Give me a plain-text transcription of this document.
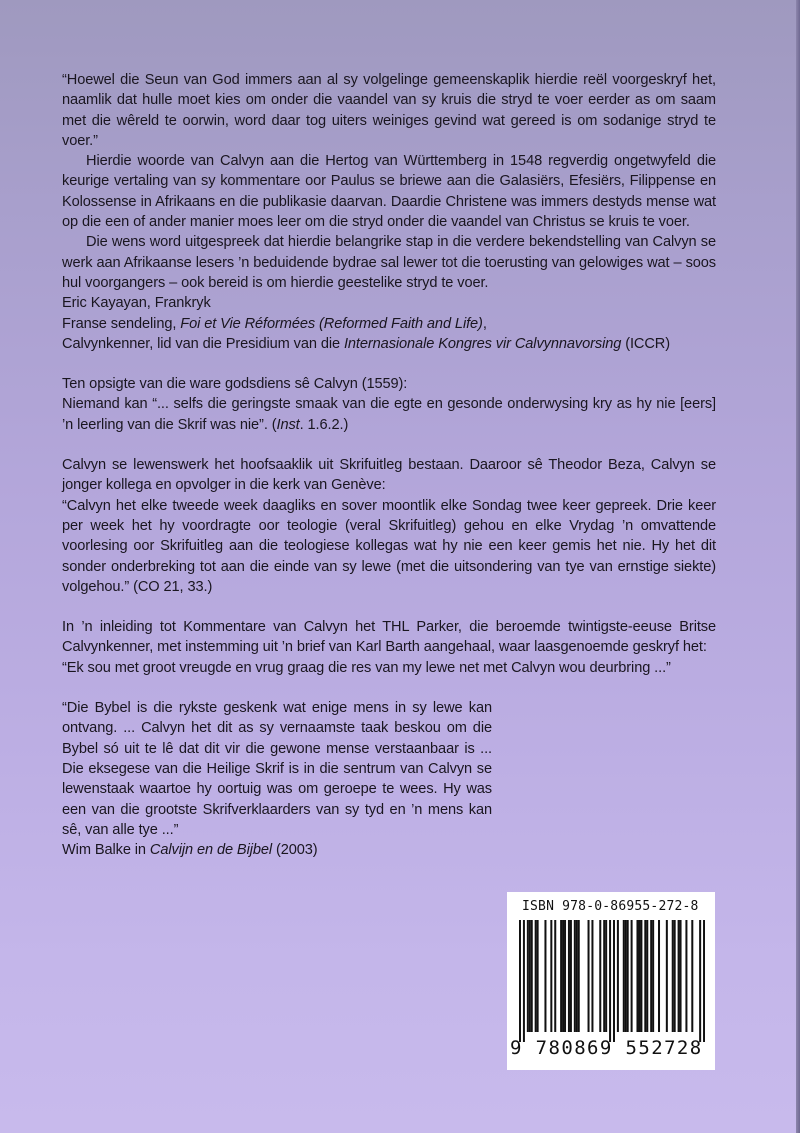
“Hoewel die Seun van God immers aan al sy volgelinge gemeenskaplik hierdie reël voorgeskryf het, naamlik dat hulle moet kies om onder die vaandel van sy kruis die stryd te voer eerder as om saam met die wêreld te oorwin, word daar tog uiters weiniges gevind wat gereed is om sodanige stryd te voer.”

Hierdie woorde van Calvyn aan die Hertog van Württemberg in 1548 regverdig ongetwyfeld die keurige vertaling van sy kommentare oor Paulus se briewe aan die Galasiërs, Efesiërs, Filippense en Kolossense in Afrikaans en die publikasie daarvan. Daardie Christene was immers destyds mense wat op die een of ander manier moes leer om die stryd onder die vaandel van Christus se kruis te voer.

Die wens word uitgespreek dat hierdie belangrike stap in die verdere bekendstelling van Calvyn se werk aan Afrikaanse lesers ’n beduidende bydrae sal lewer tot die toerusting van gelowiges wat – soos hul voorgangers – ook bereid is om hierdie geestelike stryd te voer.

Eric Kayayan, Frankryk

Franse sendeling, Foi et Vie Réformées (Reformed Faith and Life),

Calvynkenner, lid van die Presidium van die Internasionale Kongres vir Calvynnavorsing (ICCR)

Ten opsigte van die ware godsdiens sê Calvyn (1559):

Niemand kan “... selfs die geringste smaak van die egte en gesonde onderwysing kry as hy nie [eers] ’n leerling van die Skrif was nie”. (Inst. 1.6.2.)

Calvyn se lewenswerk het hoofsaaklik uit Skrifuitleg bestaan. Daaroor sê Theodor Beza, Calvyn se jonger kollega en opvolger in die kerk van Genève:

“Calvyn het elke tweede week daagliks en sover moontlik elke Sondag twee keer gepreek. Drie keer per week het hy voordragte oor teologie (veral Skrifuitleg) gehou en elke Vrydag ’n omvattende voorlesing oor Skrifuitleg aan die teologiese kollegas wat hy nie een keer gemis het nie. Hy het dit sonder onderbreking tot aan die einde van sy lewe (met die uitsondering van tye van ernstige siekte) volgehou.” (CO 21, 33.)

In ’n inleiding tot Kommentare van Calvyn het THL Parker, die beroemde twintigste-eeuse Britse Calvynkenner, met instemming uit ’n brief van Karl Barth aangehaal, waar laasgenoemde geskryf het:

“Ek sou met groot vreugde en vrug graag die res van my lewe net met Calvyn wou deurbring ...”

“Die Bybel is die rykste geskenk wat enige mens in sy lewe kan ontvang. ... Calvyn het dit as sy vernaamste taak beskou om die Bybel só uit te lê dat dit vir die gewone mense verstaanbaar is ... Die eksegese van die Heilige Skrif is in die sentrum van Calvyn se lewenstaak waartoe hy oortuig was om geroepe te wees. Hy was een van die grootste Skrifverklaarders van sy tyd en ’n mens kan sê, van alle tye ...”

Wim Balke in Calvijn en de Bijbel (2003)

ISBN 978-0-86955-272-8
9 780869 552728
